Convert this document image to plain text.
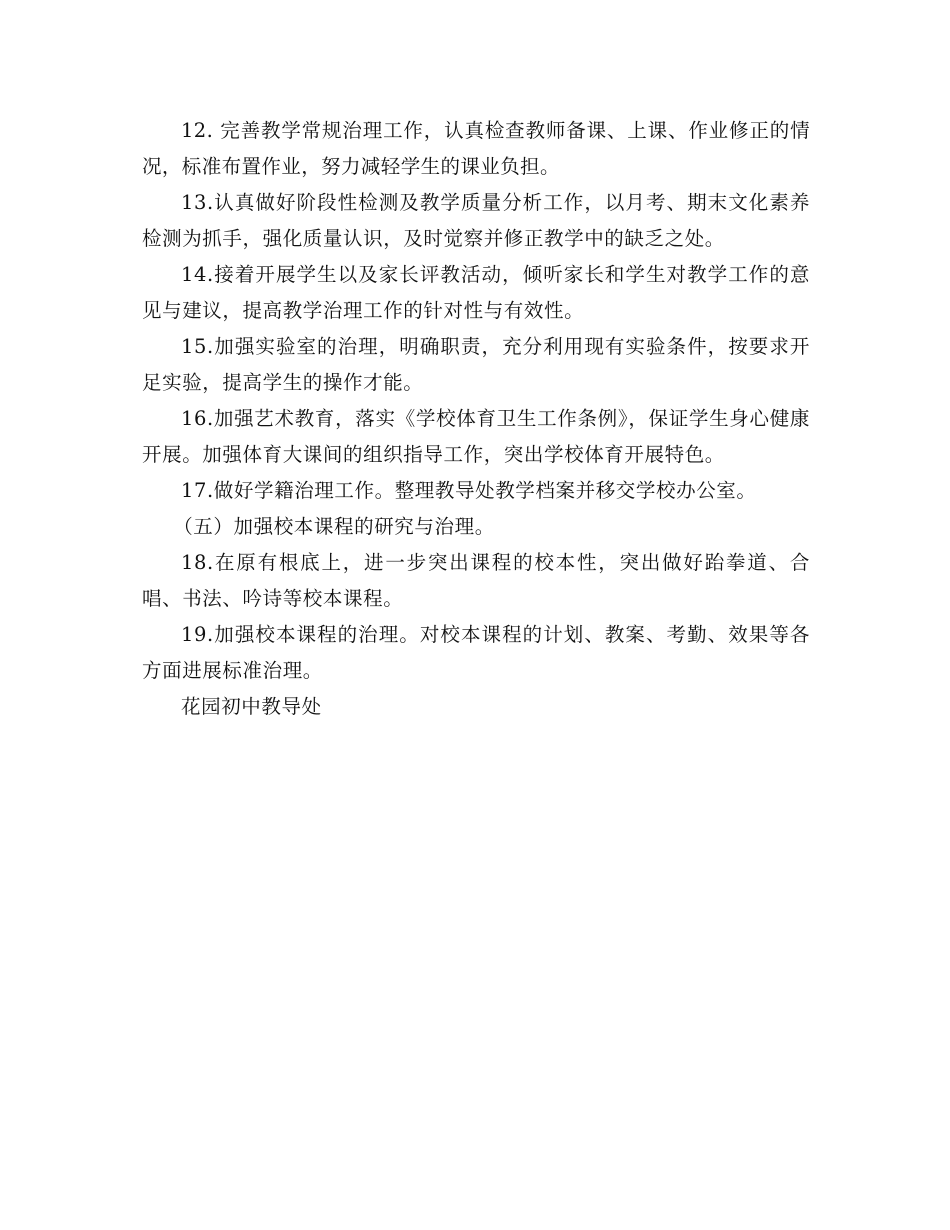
12. 完善教学常规治理工作，认真检查教师备课、上课、作业修正的情况，标准布置作业，努力减轻学生的课业负担。

13.认真做好阶段性检测及教学质量分析工作，以月考、期末文化素养检测为抓手，强化质量认识，及时觉察并修正教学中的缺乏之处。

14.接着开展学生以及家长评教活动，倾听家长和学生对教学工作的意见与建议，提高教学治理工作的针对性与有效性。

15.加强实验室的治理，明确职责，充分利用现有实验条件，按要求开足实验，提高学生的操作才能。

16.加强艺术教育，落实《学校体育卫生工作条例》，保证学生身心健康开展。加强体育大课间的组织指导工作，突出学校体育开展特色。

17.做好学籍治理工作。整理教导处教学档案并移交学校办公室。

（五）加强校本课程的研究与治理。

18.在原有根底上，进一步突出课程的校本性，突出做好跆拳道、合唱、书法、吟诗等校本课程。

19.加强校本课程的治理。对校本课程的计划、教案、考勤、效果等各方面进展标准治理。

花园初中教导处
